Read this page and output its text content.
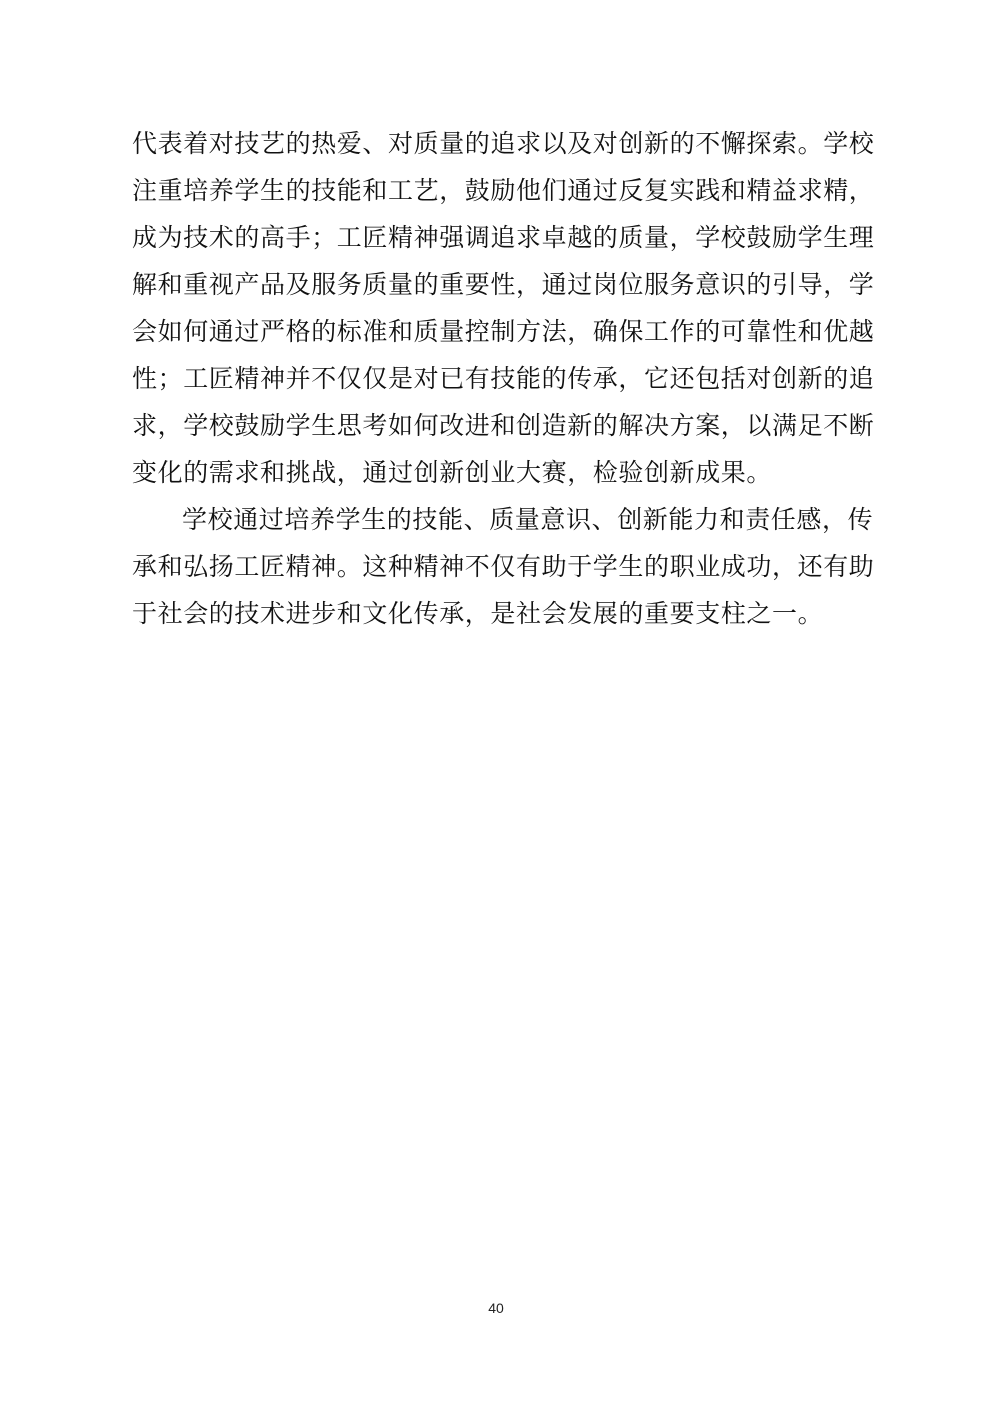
代表着对技艺的热爱、对质量的追求以及对创新的不懈探索。学校
注重培养学生的技能和工艺，鼓励他们通过反复实践和精益求精，
成为技术的高手；工匠精神强调追求卓越的质量，学校鼓励学生理
解和重视产品及服务质量的重要性，通过岗位服务意识的引导，学
会如何通过严格的标准和质量控制方法，确保工作的可靠性和优越
性；工匠精神并不仅仅是对已有技能的传承，它还包括对创新的追
求，学校鼓励学生思考如何改进和创造新的解决方案，以满足不断
变化的需求和挑战，通过创新创业大赛，检验创新成果。
学校通过培养学生的技能、质量意识、创新能力和责任感，传
承和弘扬工匠精神。这种精神不仅有助于学生的职业成功，还有助
于社会的技术进步和文化传承，是社会发展的重要支柱之一。
40
